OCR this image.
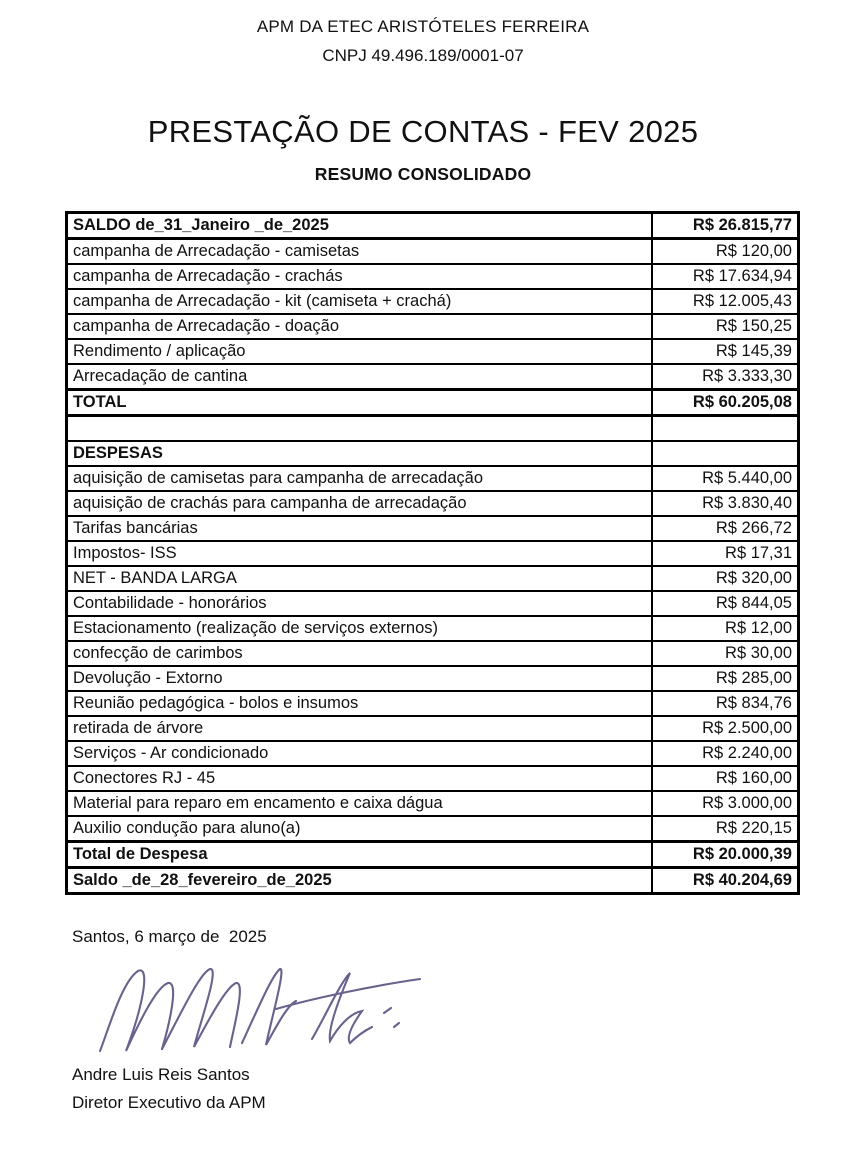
APM DA ETEC ARISTÓTELES FERREIRA
CNPJ 49.496.189/0001-07
PRESTAÇÃO DE CONTAS - FEV 2025
RESUMO CONSOLIDADO
SALDO de_31_Janeiro _de_2025	R$ 26.815,77
campanha de Arrecadação - camisetas	R$ 120,00
campanha de Arrecadação - crachás	R$ 17.634,94
campanha de Arrecadação - kit (camiseta + crachá)	R$ 12.005,43
campanha de Arrecadação - doação	R$ 150,25
Rendimento / aplicação	R$ 145,39
Arrecadação de cantina	R$ 3.333,30
TOTAL	R$ 60.205,08

DESPESAS	
aquisição de camisetas para campanha de arrecadação	R$ 5.440,00
aquisição de crachás para campanha de arrecadação	R$ 3.830,40
Tarifas bancárias	R$ 266,72
Impostos- ISS	R$ 17,31
NET - BANDA LARGA	R$ 320,00
Contabilidade - honorários	R$ 844,05
Estacionamento (realização de serviços externos)	R$ 12,00
confecção de carimbos	R$ 30,00
Devolução - Extorno	R$ 285,00
Reunião pedagógica - bolos e insumos	R$ 834,76
retirada de árvore	R$ 2.500,00
Serviços - Ar condicionado	R$ 2.240,00
Conectores RJ - 45	R$ 160,00
Material para reparo em encamento e caixa dágua	R$ 3.000,00
Auxilio condução para aluno(a)	R$ 220,15
Total de Despesa	R$ 20.000,39
Saldo _de_28_fevereiro_de_2025	R$ 40.204,69
Santos, 6 março de  2025
Andre Luis Reis Santos
Diretor Executivo da APM
